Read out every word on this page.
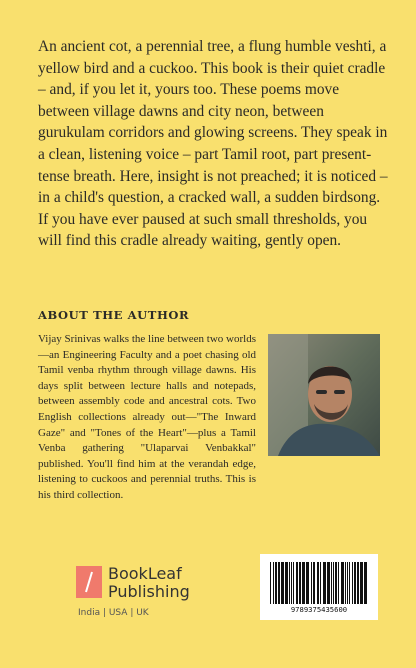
An ancient cot, a perennial tree, a flung humble veshti, a yellow bird and a cuckoo. This book is their quiet cradle – and, if you let it, yours too. These poems move between village dawns and city neon, between gurukulam corridors and glowing screens. They speak in a clean, listening voice – part Tamil root, part present-tense breath. Here, insight is not preached; it is noticed – in a child's question, a cracked wall, a sudden birdsong. If you have ever paused at such small thresholds, you will find this cradle already waiting, gently open.

ABOUT THE AUTHOR

Vijay Srinivas walks the line between two worlds—an Engineering Faculty and a poet chasing old Tamil venba rhythm through village dawns. His days split between lecture halls and notepads, between assembly code and ancestral cots. Two English collections already out—"The Inward Gaze" and "Tones of the Heart"—plus a Tamil Venba gathering "Ulaparvai Venbakkal" published. You'll find him at the verandah edge, listening to cuckoos and perennial truths. This is his third collection.

BookLeaf
Publishing
India | USA | UK	9789375435600
